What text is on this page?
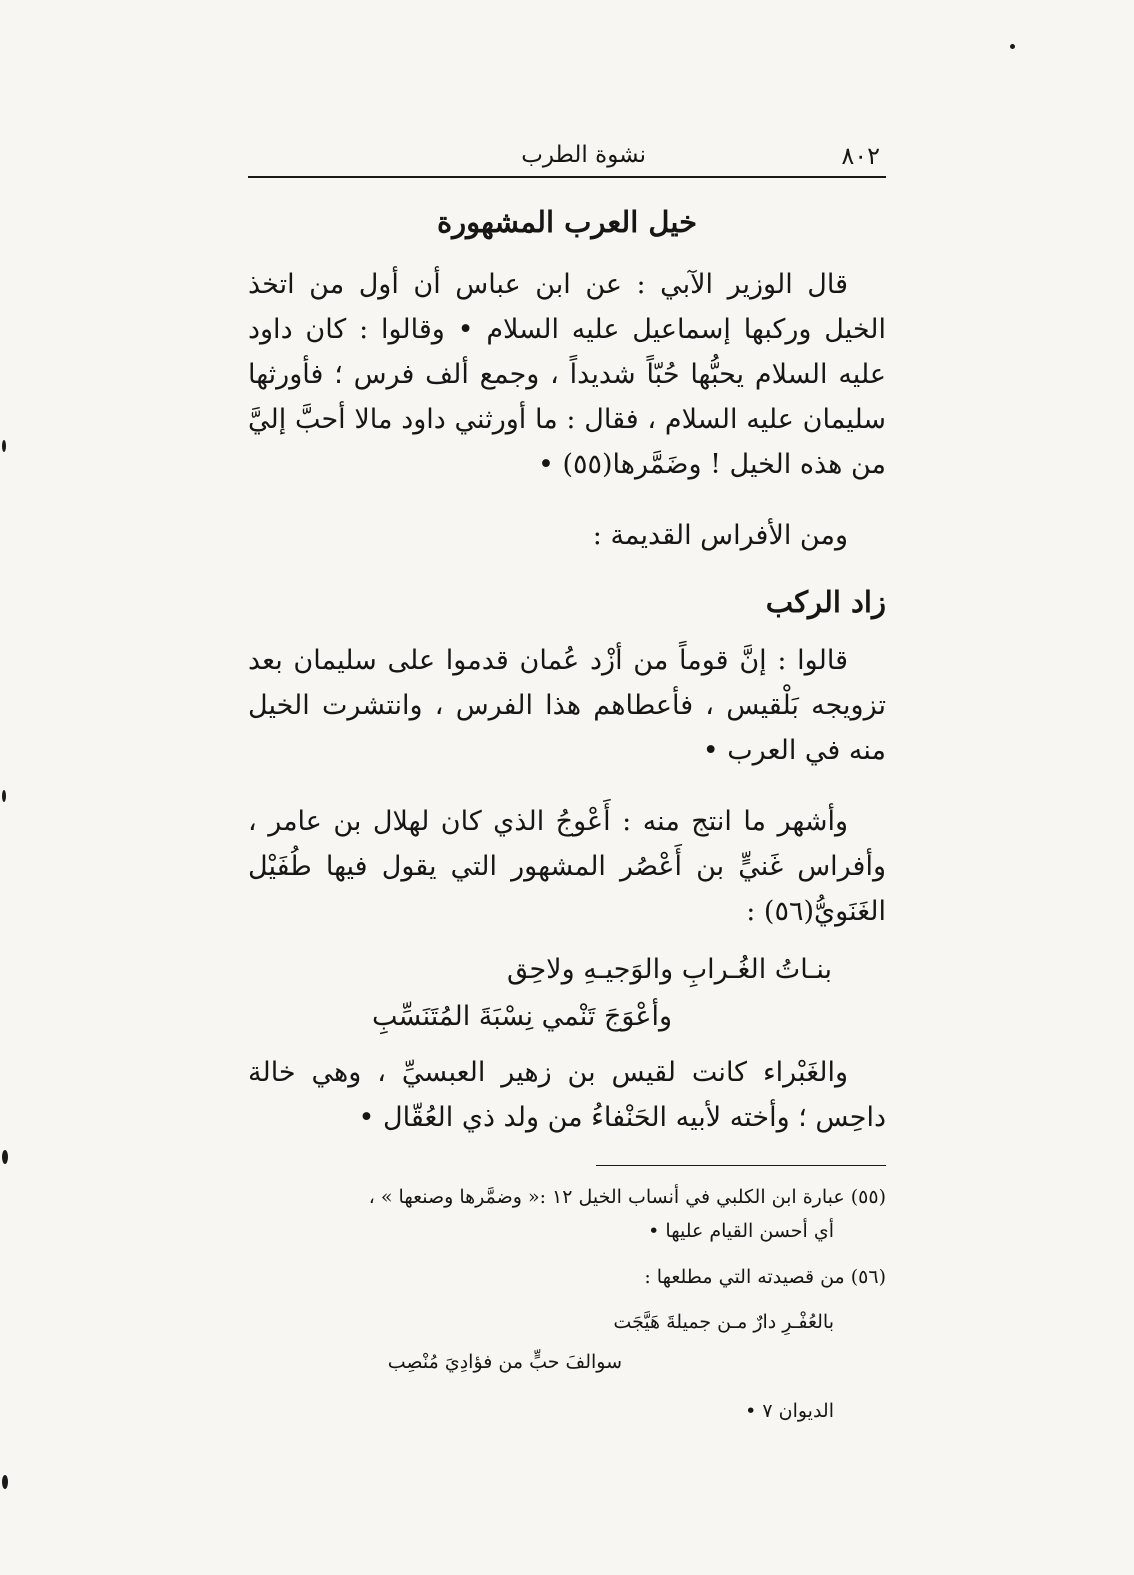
٨٠٢
نشوة الطرب
خيل العرب المشهورة

قال الوزير الآبي : عن ابن عباس أن أول من اتخذ الخيل وركبها إسماعيل عليه السلام • وقالوا : كان داود عليه السلام يحبُّها حُبّاً شديداً ، وجمع ألف فرس ؛ فأورثها سليمان عليه السلام ، فقال : ما أورثني داود مالا أحبَّ إليَّ من هذه الخيل ! وضَمَّرها(٥٥) •

ومن الأفراس القديمة :

زاد الركب

قالوا : إنَّ قوماً من أزْد عُمان قدموا على سليمان بعد تزويجه بَلْقيس ، فأعطاهم هذا الفرس ، وانتشرت الخيل منه في العرب •

وأشهر ما انتج منه : أَعْوجُ الذي كان لهلال بن عامر ، وأفراس غَنيٍّ بن أَعْصُر المشهور التي يقول فيها طُفَيْل الغَنَويُّ(٥٦) :

بنـاتُ الغُـرابِ والوَجيـهِ ولاحِق
وأعْوَجَ تَنْمي نِسْبَةَ المُتَنَسِّبِ

والغَبْراء كانت لقيس بن زهير العبسيِّ ، وهي خالة داحِس ؛ وأخته لأبيه الحَنْفاءُ من ولد ذي العُقّال •

(٥٥) عبارة ابن الكلبي في أنساب الخيل ١٢ :« وضمَّرها وصنعها » ،

أي أحسن القيام عليها •

(٥٦) من قصيدته التي مطلعها :

بالعُفْـرِ دارٌ مـن جميلةَ هَيَّجَت

سوالفَ حبٍّ من فؤادِيَ مُنْصِب

الديوان ٧ •
